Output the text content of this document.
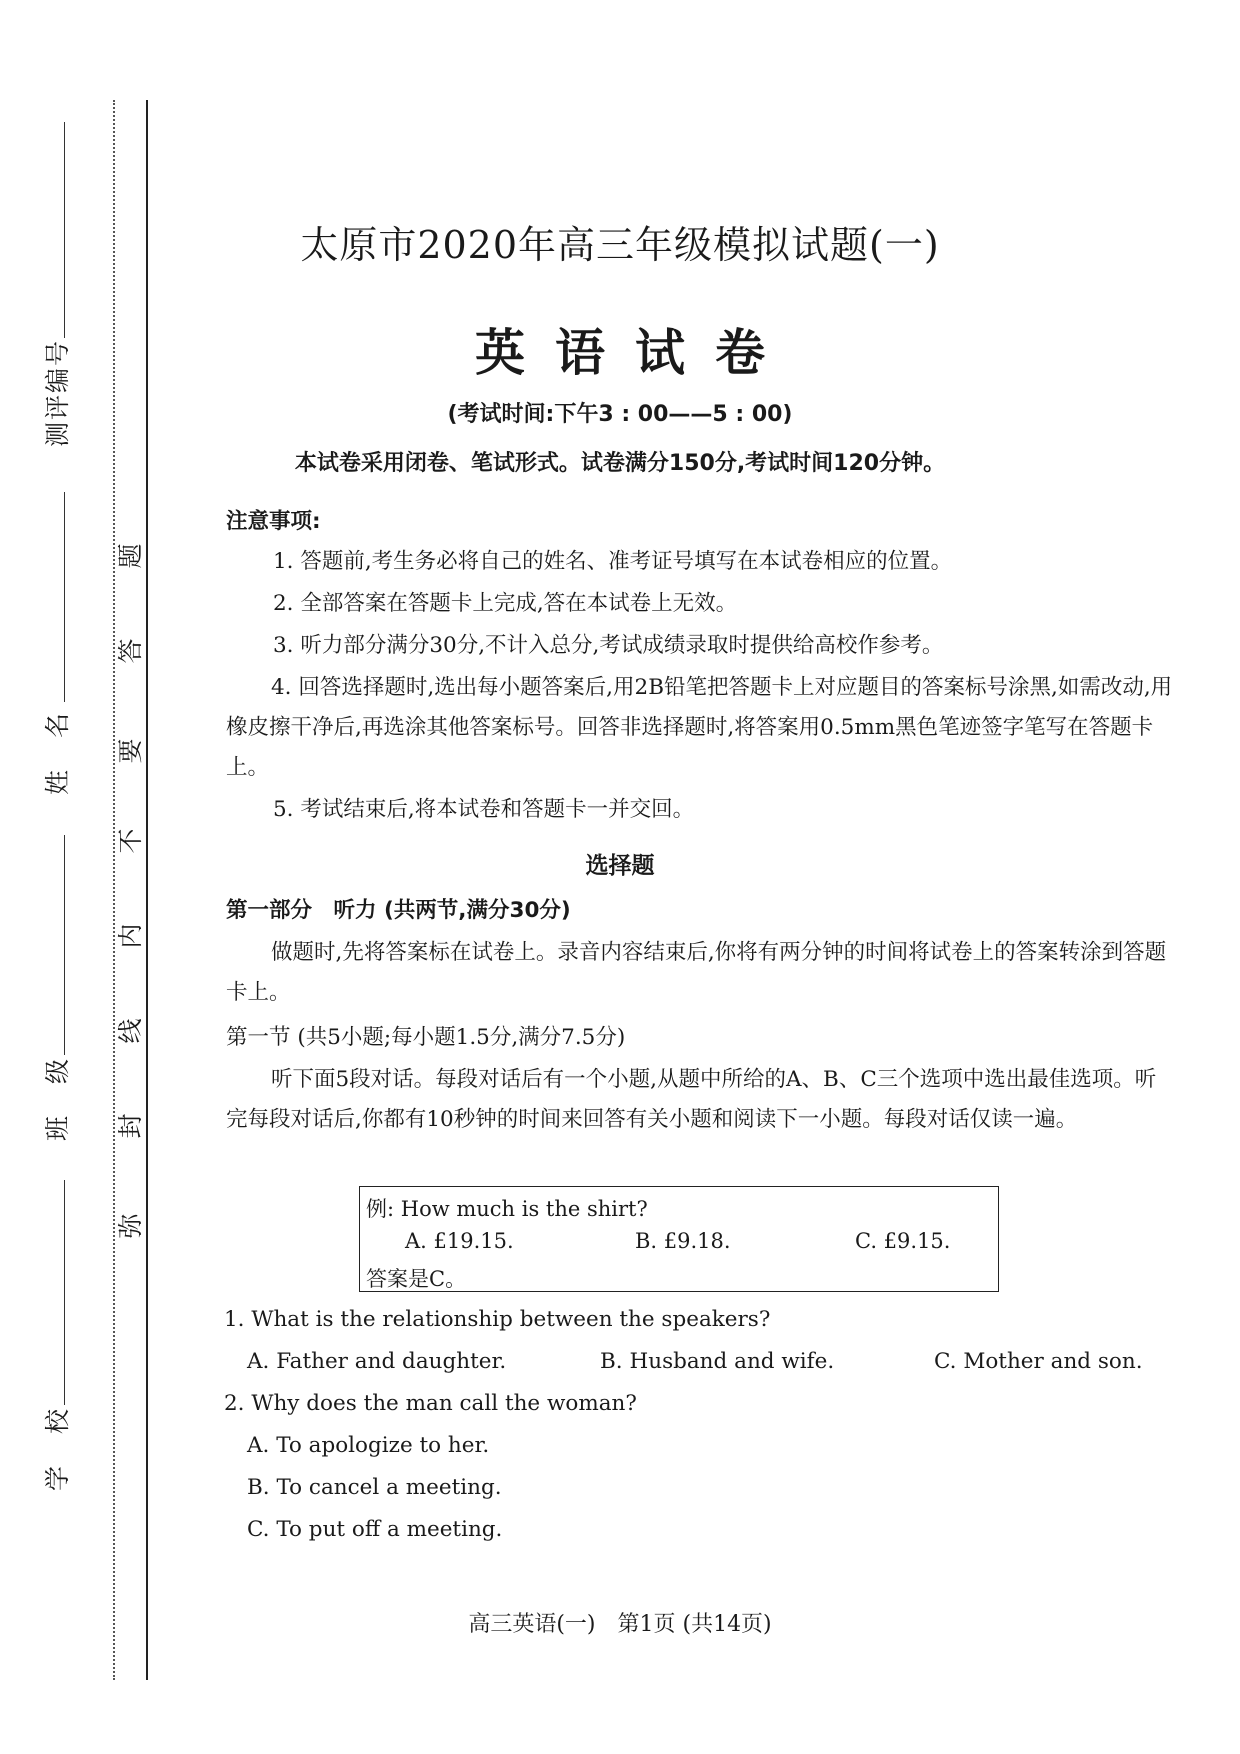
号
编
评
测
名

姓
级

班
校

学
题
答
要
不
内
线
封
弥
太原市2020年高三年级模拟试题(一)
英语试卷
(考试时间:下午3 : 00——5 : 00)
本试卷采用闭卷、笔试形式。试卷满分150分,考试时间120分钟。
注意事项:
1. 答题前,考生务必将自己的姓名、准考证号填写在本试卷相应的位置。
2. 全部答案在答题卡上完成,答在本试卷上无效。
3. 听力部分满分30分,不计入总分,考试成绩录取时提供给高校作参考。
4. 回答选择题时,选出每小题答案后,用2B铅笔把答题卡上对应题目的答案标号涂黑,如需改动,用橡皮擦干净后,再选涂其他答案标号。回答非选择题时,将答案用0.5mm黑色笔迹签字笔写在答题卡上。
5. 考试结束后,将本试卷和答题卡一并交回。
选择题
第一部分　听力 (共两节,满分30分)
做题时,先将答案标在试卷上。录音内容结束后,你将有两分钟的时间将试卷上的答案转涂到答题卡上。
第一节 (共5小题;每小题1.5分,满分7.5分)
听下面5段对话。每段对话后有一个小题,从题中所给的A、B、C三个选项中选出最佳选项。听完每段对话后,你都有10秒钟的时间来回答有关小题和阅读下一小题。每段对话仅读一遍。
例: How much is the shirt?
A. £19.15.	B. £9.18.	C. £9.15.
答案是C。
1. What is the relationship between the speakers?
A. Father and daughter.	B. Husband and wife.	C. Mother and son.
2. Why does the man call the woman?
A. To apologize to her.
B. To cancel a meeting.
C. To put off a meeting.
高三英语(一)　第1页 (共14页)
